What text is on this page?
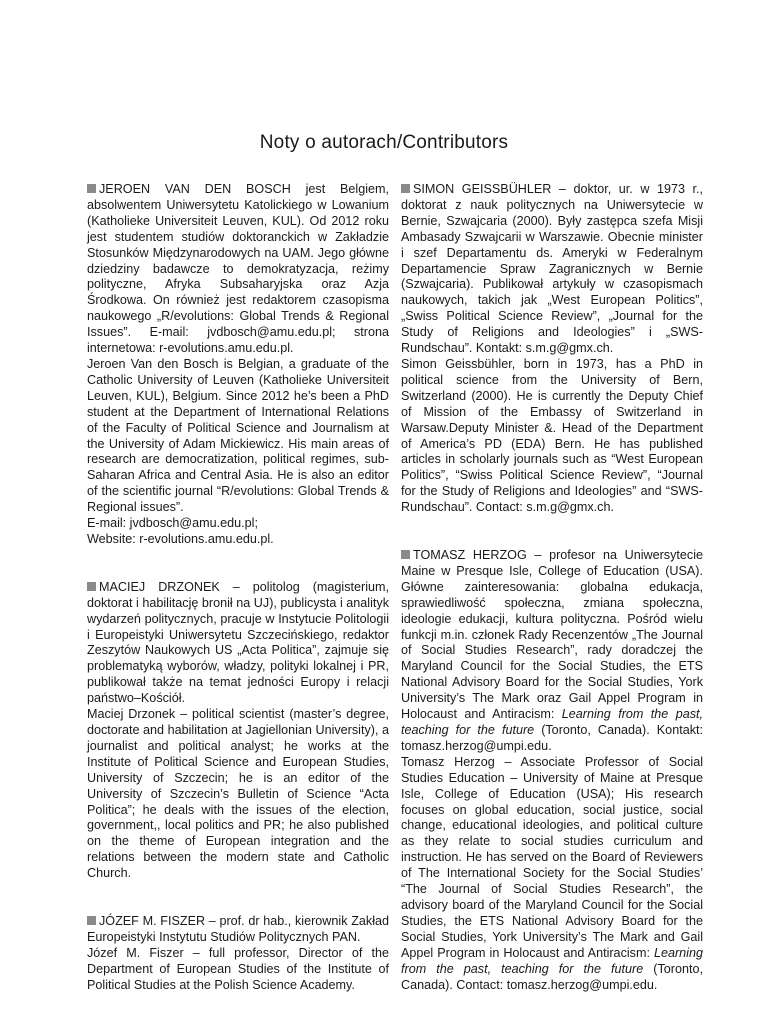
Noty o autorach/Contributors

JEROEN VAN DEN BOSCH jest Belgiem, absolwentem Uniwersytetu Katolickiego w Lowanium (Katholieke Universiteit Leuven, KUL). Od 2012 roku jest studentem studiów doktoranckich w Zakładzie Stosunków Międzynarodowych na UAM. Jego główne dziedziny badawcze to demokratyzacja, reżimy polityczne, Afryka Subsaharyjska oraz Azja Środkowa. On również jest redaktorem czasopisma naukowego „R/evolutions: Global Trends & Regional Issues”. E-mail: jvdbosch@amu.edu.pl; strona internetowa: r-evolutions.amu.edu.pl.

Jeroen Van den Bosch is Belgian, a graduate of the Catholic University of Leuven (Katholieke Universiteit Leuven, KUL), Belgium. Since 2012 he’s been a PhD student at the Department of International Relations of the Faculty of Political Science and Journalism at the University of Adam Mickiewicz. His main areas of research are democratization, political regimes, sub-Saharan Africa and Central Asia. He is also an editor of the scientific journal “R/evolutions: Global Trends & Regional issues”.

E-mail: jvdbosch@amu.edu.pl;

Website: r-evolutions.amu.edu.pl.

MACIEJ DRZONEK – politolog (magisterium, doktorat i habilitację bronił na UJ), publicysta i analityk wydarzeń politycznych, pracuje w Instytucie Politologii i Europeistyki Uniwersytetu Szczecińskiego, redaktor Zeszytów Naukowych US „Acta Politica”, zajmuje się problematyką wyborów, władzy, polityki lokalnej i PR, publikował także na temat jedności Europy i relacji państwo–Kościół.

Maciej Drzonek – political scientist (master’s degree, doctorate and habilitation at Jagiellonian University), a journalist and political analyst; he works at the Institute of Political Science and European Studies, University of Szczecin; he is an editor of the University of Szczecin’s Bulletin of Science “Acta Politica”; he deals with the issues of the election, government,, local politics and PR; he also published on the theme of European integration and the relations between the modern state and Catholic Church.

JÓZEF M. FISZER – prof. dr hab., kierownik Zakład Europeistyki Instytutu Studiów Politycznych PAN.

Józef M. Fiszer – full professor, Director of the Department of European Studies of the Institute of Political Studies at the Polish Science Academy.

SIMON GEISSBÜHLER – doktor, ur. w 1973 r., doktorat z nauk politycznych na Uniwersytecie w Bernie, Szwajcaria (2000). Były zastępca szefa Misji Ambasady Szwajcarii w Warszawie. Obecnie minister i szef Departamentu ds. Ameryki w Federalnym Departamencie Spraw Zagranicznych w Bernie (Szwajcaria). Publikował artykuły w czasopismach naukowych, takich jak „West European Politics”, „Swiss Political Science Review”, „Journal for the Study of Religions and Ideologies” i „SWS-Rundschau”. Kontakt: s.m.g@gmx.ch.

Simon Geissbühler, born in 1973, has a PhD in political science from the University of Bern, Switzerland (2000). He is currently the Deputy Chief of Mission of the Embassy of Switzerland in Warsaw.Deputy Minister &. Head of the Department of America’s PD (EDA) Bern. He has published articles in scholarly journals such as “West European Politics”, “Swiss Political Science Review”, “Journal for the Study of Religions and Ideologies” and “SWS-Rundschau”. Contact: s.m.g@gmx.ch.

TOMASZ HERZOG – profesor na Uniwersytecie Maine w Presque Isle, College of Education (USA). Główne zainteresowania: globalna edukacja, sprawiedliwość społeczna, zmiana społeczna, ideologie edukacji, kultura polityczna. Pośród wielu funkcji m.in. członek Rady Recenzentów „The Journal of Social Studies Research”, rady doradczej the Maryland Council for the Social Studies, the ETS National Advisory Board for the Social Studies, York University’s The Mark oraz Gail Appel Program in Holocaust and Antiracism: Learning from the past, teaching for the future (Toronto, Canada). Kontakt: tomasz.herzog@umpi.edu.

Tomasz Herzog – Associate Professor of Social Studies Education – University of Maine at Presque Isle, College of Education (USA); His research focuses on global education, social justice, social change, educational ideologies, and political culture as they relate to social studies curriculum and instruction. He has served on the Board of Reviewers of The International Society for the Social Studies’ “The Journal of Social Studies Research”, the advisory board of the Maryland Council for the Social Studies, the ETS National Advisory Board for the Social Studies, York University’s The Mark and Gail Appel Program in Holocaust and Antiracism: Learning from the past, teaching for the future (Toronto, Canada). Contact: tomasz.herzog@umpi.edu.
